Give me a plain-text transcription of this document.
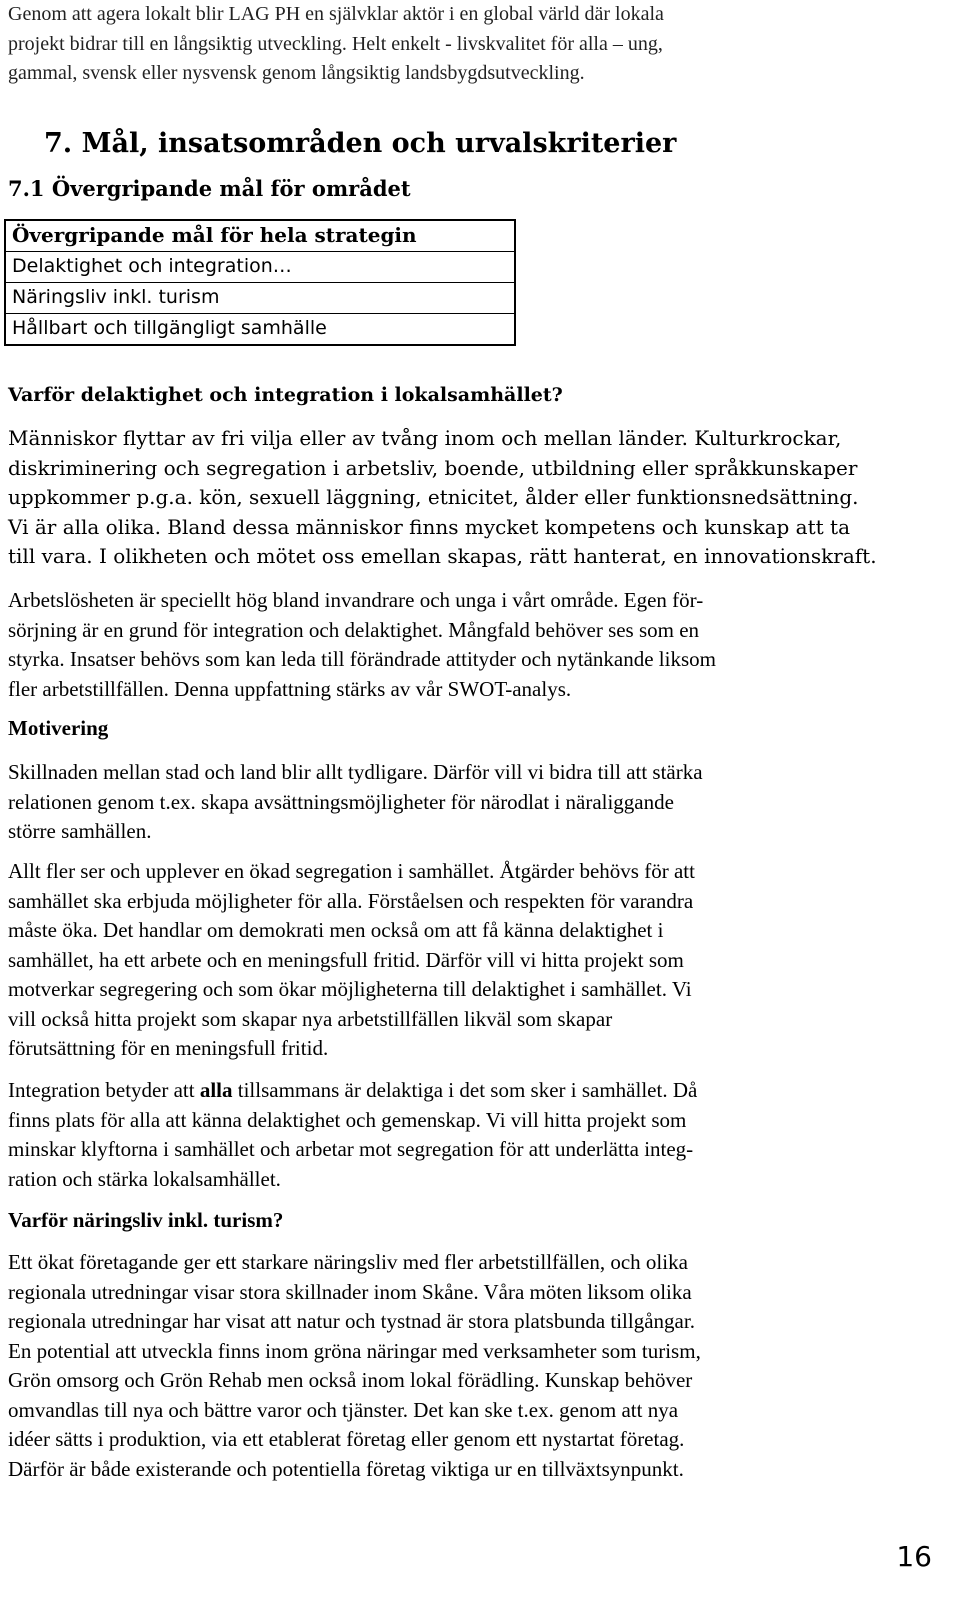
Genom att agera lokalt blir LAG PH en självklar aktör i en global värld där lokala

projekt bidrar till en långsiktig utveckling. Helt enkelt - livskvalitet för alla – ung,

gammal, svensk eller nysvensk genom långsiktig landsbygdsutveckling.

7. Mål, insatsområden och urvalskriterier
7.1 Övergripande mål för området
Övergripande mål för hela strategin
Delaktighet och integration…
Näringsliv inkl. turism
Hållbart och tillgängligt samhälle
Varför delaktighet och integration i lokalsamhället?

Människor flyttar av fri vilja eller av tvång inom och mellan länder. Kulturkrockar,

diskriminering och segregation i arbetsliv, boende, utbildning eller språkkunskaper

uppkommer p.g.a. kön, sexuell läggning, etnicitet, ålder eller funktionsnedsättning.

Vi är alla olika. Bland dessa människor finns mycket kompetens och kunskap att ta

till vara. I olikheten och mötet oss emellan skapas, rätt hanterat, en innovationskraft.

Arbetslösheten är speciellt hög bland invandrare och unga i vårt område. Egen för-

sörjning är en grund för integration och delaktighet. Mångfald behöver ses som en

styrka. Insatser behövs som kan leda till förändrade attityder och nytänkande liksom

fler arbetstillfällen. Denna uppfattning stärks av vår SWOT-analys.

Motivering

Skillnaden mellan stad och land blir allt tydligare. Därför vill vi bidra till att stärka

relationen genom t.ex. skapa avsättningsmöjligheter för närodlat i näraliggande

större samhällen.

Allt fler ser och upplever en ökad segregation i samhället. Åtgärder behövs för att

samhället ska erbjuda möjligheter för alla. Förståelsen och respekten för varandra

måste öka. Det handlar om demokrati men också om att få känna delaktighet i

samhället, ha ett arbete och en meningsfull fritid. Därför vill vi hitta projekt som

motverkar segregering och som ökar möjligheterna till delaktighet i samhället. Vi

vill också hitta projekt som skapar nya arbetstillfällen likväl som skapar

förutsättning för en meningsfull fritid.

Integration betyder att alla tillsammans är delaktiga i det som sker i samhället. Då

finns plats för alla att känna delaktighet och gemenskap. Vi vill hitta projekt som

minskar klyftorna i samhället och arbetar mot segregation för att underlätta integ-

ration och stärka lokalsamhället.

Varför näringsliv inkl. turism?

Ett ökat företagande ger ett starkare näringsliv med fler arbetstillfällen, och olika

regionala utredningar visar stora skillnader inom Skåne. Våra möten liksom olika

regionala utredningar har visat att natur och tystnad är stora platsbunda tillgångar.

En potential att utveckla finns inom gröna näringar med verksamheter som turism,

Grön omsorg och Grön Rehab men också inom lokal förädling. Kunskap behöver

omvandlas till nya och bättre varor och tjänster. Det kan ske t.ex. genom att nya

idéer sätts i produktion, via ett etablerat företag eller genom ett nystartat företag.

Därför är både existerande och potentiella företag viktiga ur en tillväxtsynpunkt.

16
